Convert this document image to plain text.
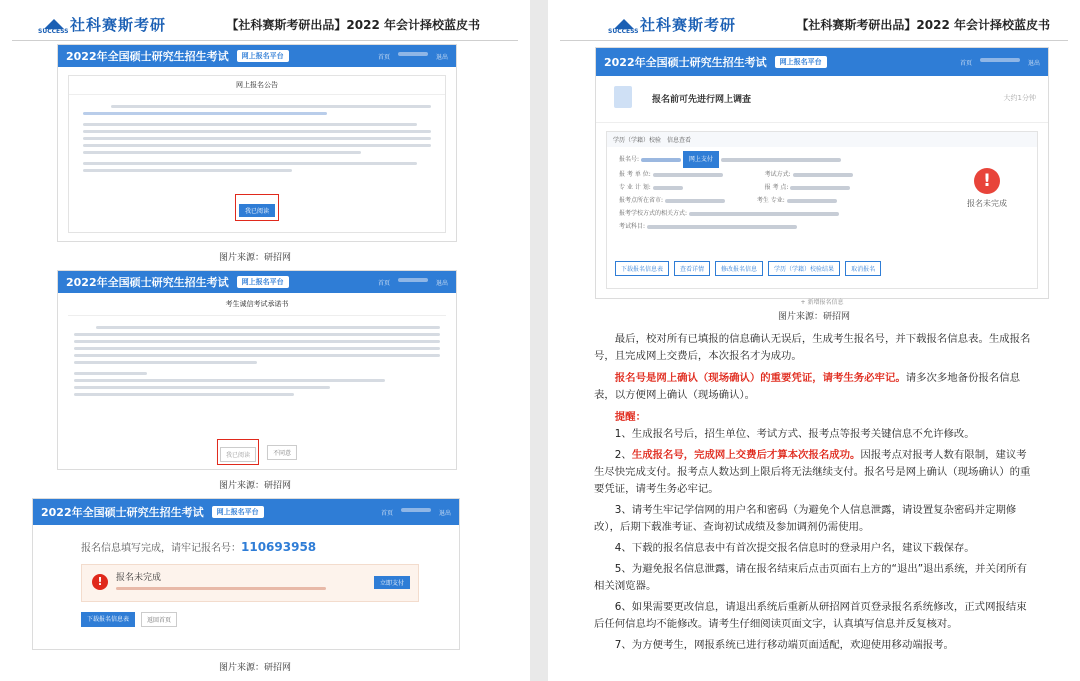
SUCCESS 社科赛斯考研	【社科赛斯考研出品】2022 年会计择校蓝皮书
2022年全国硕士研究生招生考试	网上报名平台	首页	退出
网上报名公告
我已阅读
图片来源：研招网
2022年全国硕士研究生招生考试	网上报名平台	首页	退出
考生诚信考试承诺书
我已阅读	不同意
图片来源：研招网
2022年全国硕士研究生招生考试	网上报名平台	首页	退出
报名信息填写完成，请牢记报名号：110693958
!	报名未完成
立即支付
下载报名信息表	返回首页
图片来源：研招网
SUCCESS 社科赛斯考研	【社科赛斯考研出品】2022 年会计择校蓝皮书
2022年全国硕士研究生招生考试	网上报名平台	首页	退出
报名前可先进行网上调查	大约1分钟
学历（学籍）校验 信息查看
报名号:	网上支付
报 考 单 位:	考试方式:
专 业 计 划:	报 考 点:
报考点所在省市:	考生 专业:
报考学校方式的相关方式:
考试科目:
!
报名未完成
下载报名信息表	查看详情	修改报名信息	学历（学籍）校验结果	取消报名
+ 新增报名信息
图片来源：研招网

最后，校对所有已填报的信息确认无误后，生成考生报名号，并下载报名信息表。生成报名号，且完成网上交费后，本次报名才为成功。

报名号是网上确认（现场确认）的重要凭证，请考生务必牢记。请多次多地备份报名信息表，以方便网上确认（现场确认）。

提醒：

1、生成报名号后，招生单位、考试方式、报考点等报考关键信息不允许修改。

2、生成报名号，完成网上交费后才算本次报名成功。因报考点对报考人数有限制，建议考生尽快完成支付。报考点人数达到上限后将无法继续支付。报名号是网上确认（现场确认）的重要凭证，请考生务必牢记。

3、请考生牢记学信网的用户名和密码（为避免个人信息泄露，请设置复杂密码并定期修改），后期下载准考证、查询初试成绩及参加调剂仍需使用。

4、下载的报名信息表中有首次提交报名信息时的登录用户名，建议下载保存。

5、为避免报名信息泄露，请在报名结束后点击页面右上方的“退出”退出系统，并关闭所有相关浏览器。

6、如果需要更改信息，请退出系统后重新从研招网首页登录报名系统修改，正式网报结束后任何信息均不能修改。请考生仔细阅读页面文字，认真填写信息并反复核对。

7、为方便考生，网报系统已进行移动端页面适配，欢迎使用移动端报考。
